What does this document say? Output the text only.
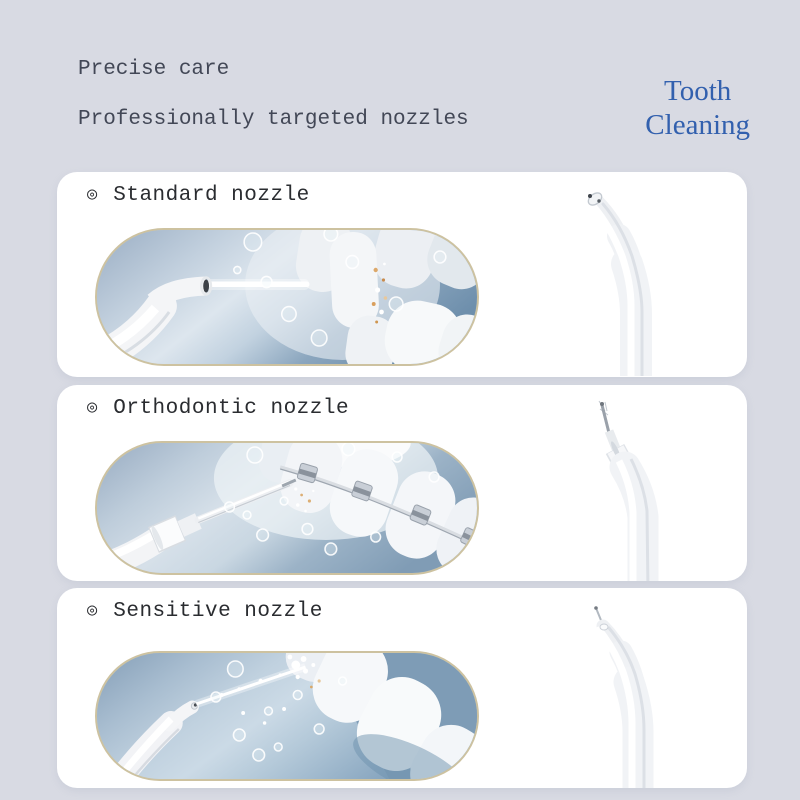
Precise care
Professionally targeted nozzles
Tooth
Cleaning
◎ Standard nozzle
◎ Orthodontic nozzle
◎ Sensitive nozzle
